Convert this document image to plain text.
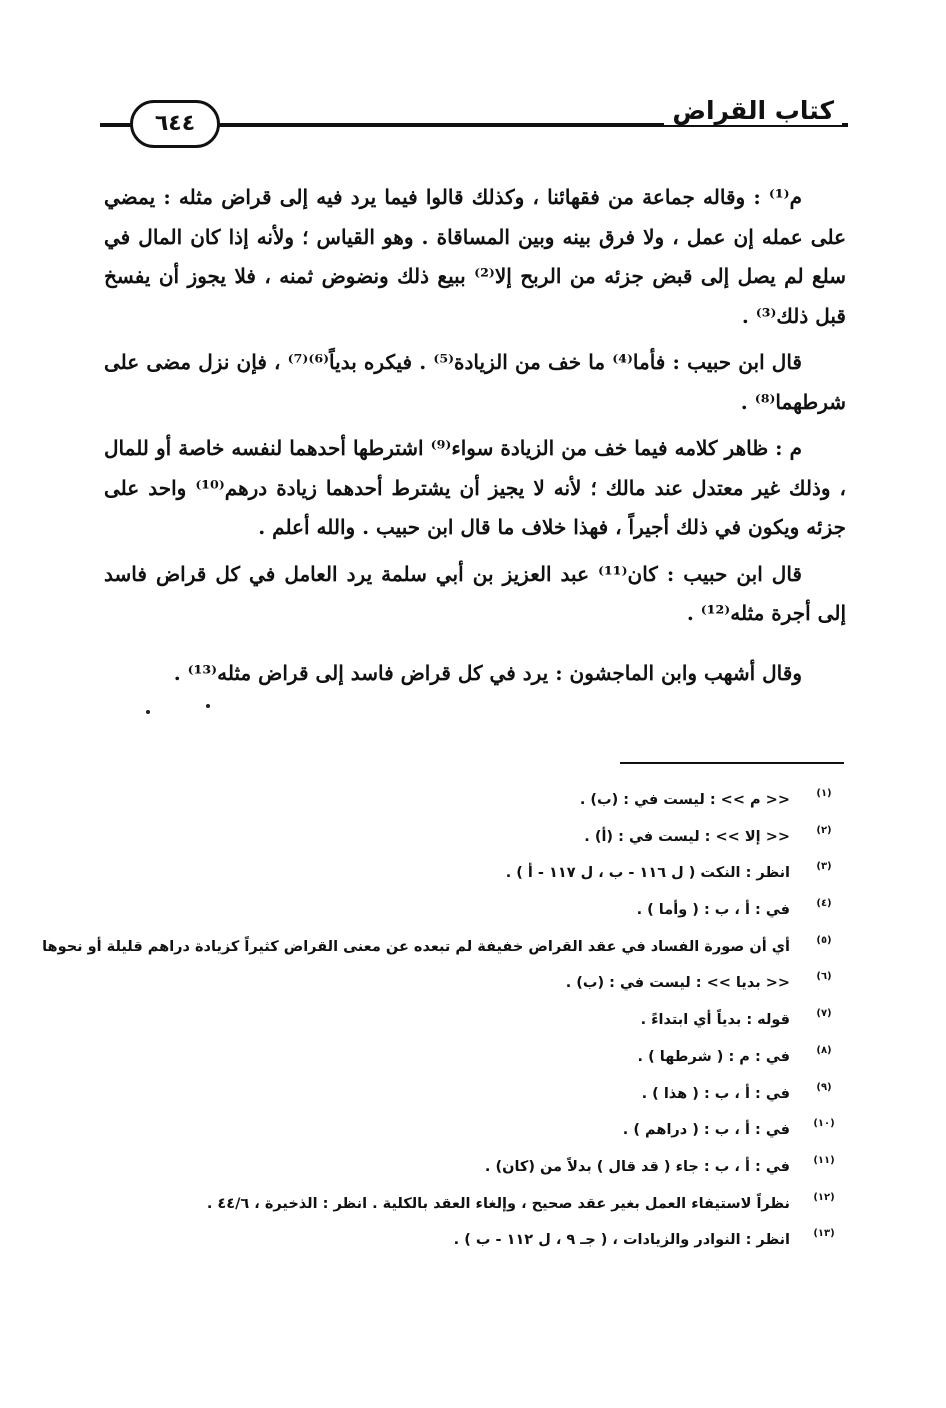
كتاب القراض
٦٤٤

م⁽¹⁾ : وقاله جماعة من فقهائنا ، وكذلك قالوا فيما يرد فيه إلى قراض مثله : يمضي على عمله إن عمل ، ولا فرق بينه وبين المساقاة . وهو القياس ؛ ولأنه إذا كان المال في سلع لم يصل إلى قبض جزئه من الربح إلا⁽²⁾ ببيع ذلك ونضوض ثمنه ، فلا يجوز أن يفسخ قبل ذلك⁽³⁾ .

قال ابن حبيب : فأما⁽⁴⁾ ما خف من الزيادة⁽⁵⁾ . فيكره بدياً⁽⁶⁾⁽⁷⁾ ، فإن نزل مضى على شرطهما⁽⁸⁾ .

م : ظاهر كلامه فيما خف من الزيادة سواء⁽⁹⁾ اشترطها أحدهما لنفسه خاصة أو للمال ، وذلك غير معتدل عند مالك ؛ لأنه لا يجيز أن يشترط أحدهما زيادة درهم⁽¹⁰⁾ واحد على جزئه ويكون في ذلك أجيراً ، فهذا خلاف ما قال ابن حبيب . والله أعلم .

قال ابن حبيب : كان⁽¹¹⁾ عبد العزيز بن أبي سلمة يرد العامل في كل قراض فاسد إلى أجرة مثله⁽¹²⁾ .

وقال أشهب وابن الماجشون : يرد في كل قراض فاسد إلى قراض مثله⁽¹³⁾ .

(١)
<< م >> : ليست في : (ب) .
(٢)
<< إلا >> : ليست في : (أ) .
(٣)
انظر : النكت ( ل ١١٦ - ب ، ل ١١٧ - أ ) .
(٤)
في : أ ، ب : ( وأما ) .
(٥)
أي أن صورة الفساد في عقد القراض خفيفة لم تبعده عن معنى القراض كثيراً كزيادة دراهم قليلة أو نحوها
(٦)
<< بديا >> : ليست في : (ب) .
(٧)
قوله : بدياً أي ابتداءً .
(٨)
في : م : ( شرطها ) .
(٩)
في : أ ، ب : ( هذا ) .
(١٠)
في : أ ، ب : ( دراهم ) .
(١١)
في : أ ، ب : جاء ( قد قال ) بدلاً من (كان) .
(١٢)
نظراً لاستيفاء العمل بغير عقد صحيح ، وإلغاء العقد بالكلية . انظر : الذخيرة ، ٤٤/٦ .
(١٣)
انظر : النوادر والزيادات ، ( جـ ٩ ، ل ١١٢ - ب ) .
